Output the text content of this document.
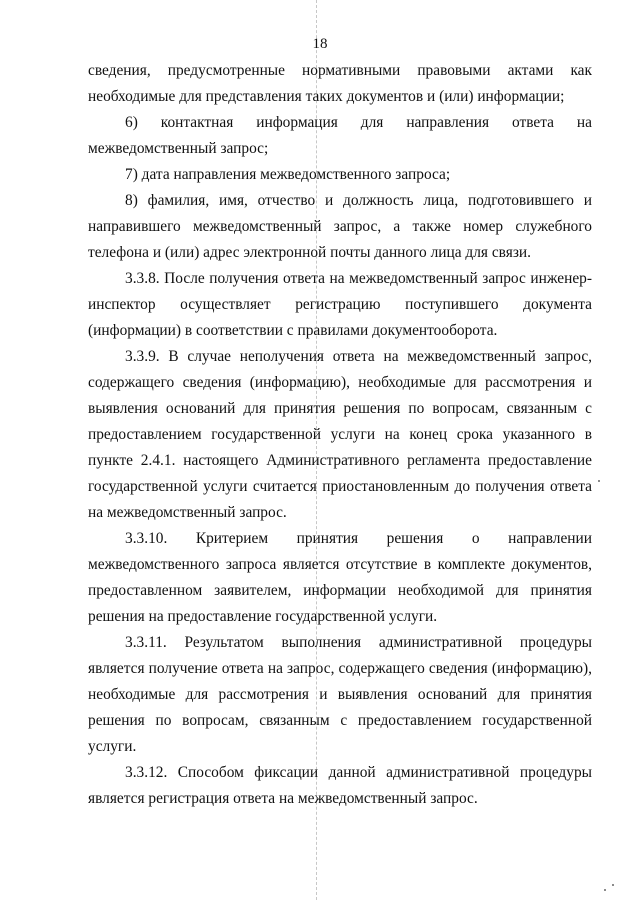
18

сведения, предусмотренные нормативными правовыми актами как необходимые для представления таких документов и (или) информации;

6) контактная информация для направления ответа на межведомственный запрос;

7) дата направления межведомственного запроса;

8) фамилия, имя, отчество и должность лица, подготовившего и направившего межведомственный запрос, а также номер служебного телефона и (или) адрес электронной почты данного лица для связи.

3.3.8. После получения ответа на межведомственный запрос инженер-инспектор осуществляет регистрацию поступившего документа (информации) в соответствии с правилами документооборота.

3.3.9. В случае неполучения ответа на межведомственный запрос, содержащего сведения (информацию), необходимые для рассмотрения и выявления оснований для принятия решения по вопросам, связанным с предоставлением государственной услуги на конец срока указанного в пункте 2.4.1. настоящего Административного регламента предоставление государственной услуги считается приостановленным до получения ответа на межведомственный запрос.

3.3.10. Критерием принятия решения о направлении межведомственного запроса является отсутствие в комплекте документов, предоставленном заявителем, информации необходимой для принятия решения на предоставление государственной услуги.

3.3.11. Результатом выполнения административной процедуры является получение ответа на запрос, содержащего сведения (информацию), необходимые для рассмотрения и выявления оснований для принятия решения по вопросам, связанным с предоставлением государственной услуги.

3.3.12. Способом фиксации данной административной процедуры является регистрация ответа на межведомственный запрос.
